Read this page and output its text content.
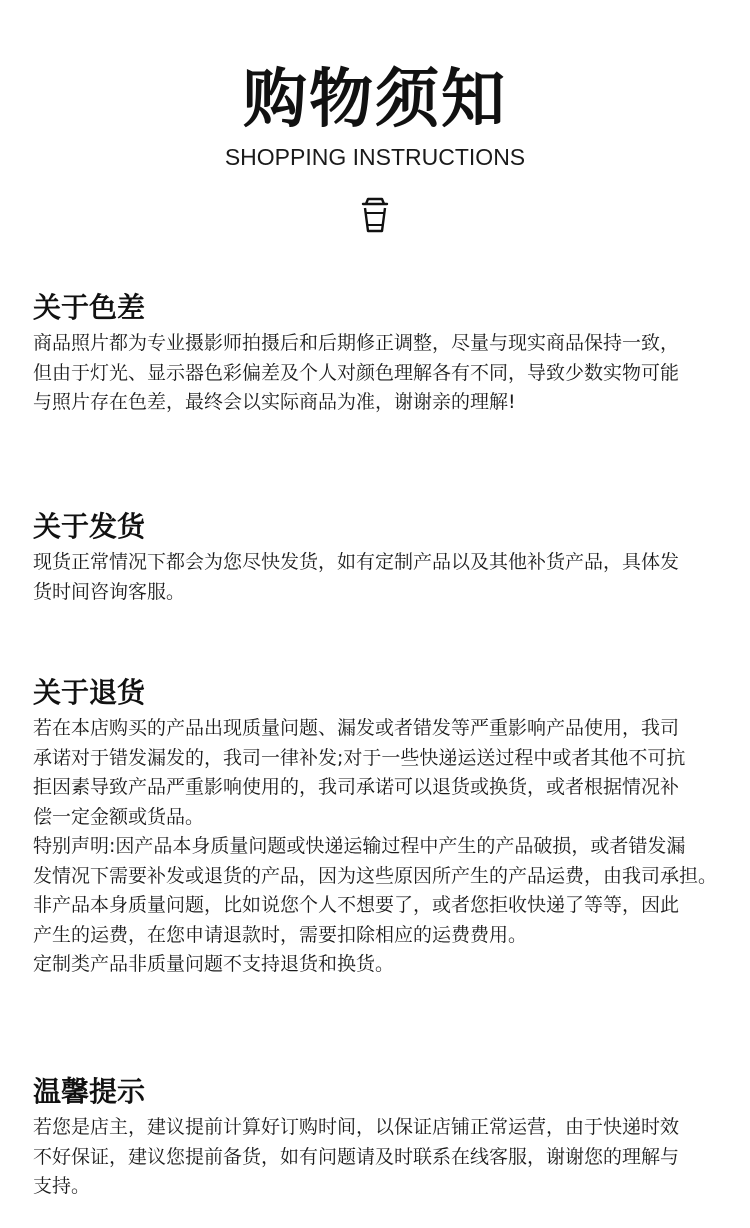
购物须知
SHOPPING INSTRUCTIONS
关于色差
商品照片都为专业摄影师拍摄后和后期修正调整，尽量与现实商品保持一致，
但由于灯光、显示器色彩偏差及个人对颜色理解各有不同，导致少数实物可能
与照片存在色差，最终会以实际商品为准，谢谢亲的理解!
关于发货
现货正常情况下都会为您尽快发货，如有定制产品以及其他补货产品，具体发
货时间咨询客服。
关于退货
若在本店购买的产品出现质量问题、漏发或者错发等严重影响产品使用，我司
承诺对于错发漏发的，我司一律补发;对于一些快递运送过程中或者其他不可抗
拒因素导致产品严重影响使用的，我司承诺可以退货或换货，或者根据情况补
偿一定金额或货品。
特别声明:因产品本身质量问题或快递运输过程中产生的产品破损，或者错发漏
发情况下需要补发或退货的产品，因为这些原因所产生的产品运费，由我司承担。
非产品本身质量问题，比如说您个人不想要了，或者您拒收快递了等等，因此
产生的运费，在您申请退款时，需要扣除相应的运费费用。
定制类产品非质量问题不支持退货和换货。
温馨提示
若您是店主，建议提前计算好订购时间，以保证店铺正常运营，由于快递时效
不好保证，建议您提前备货，如有问题请及时联系在线客服，谢谢您的理解与
支持。
